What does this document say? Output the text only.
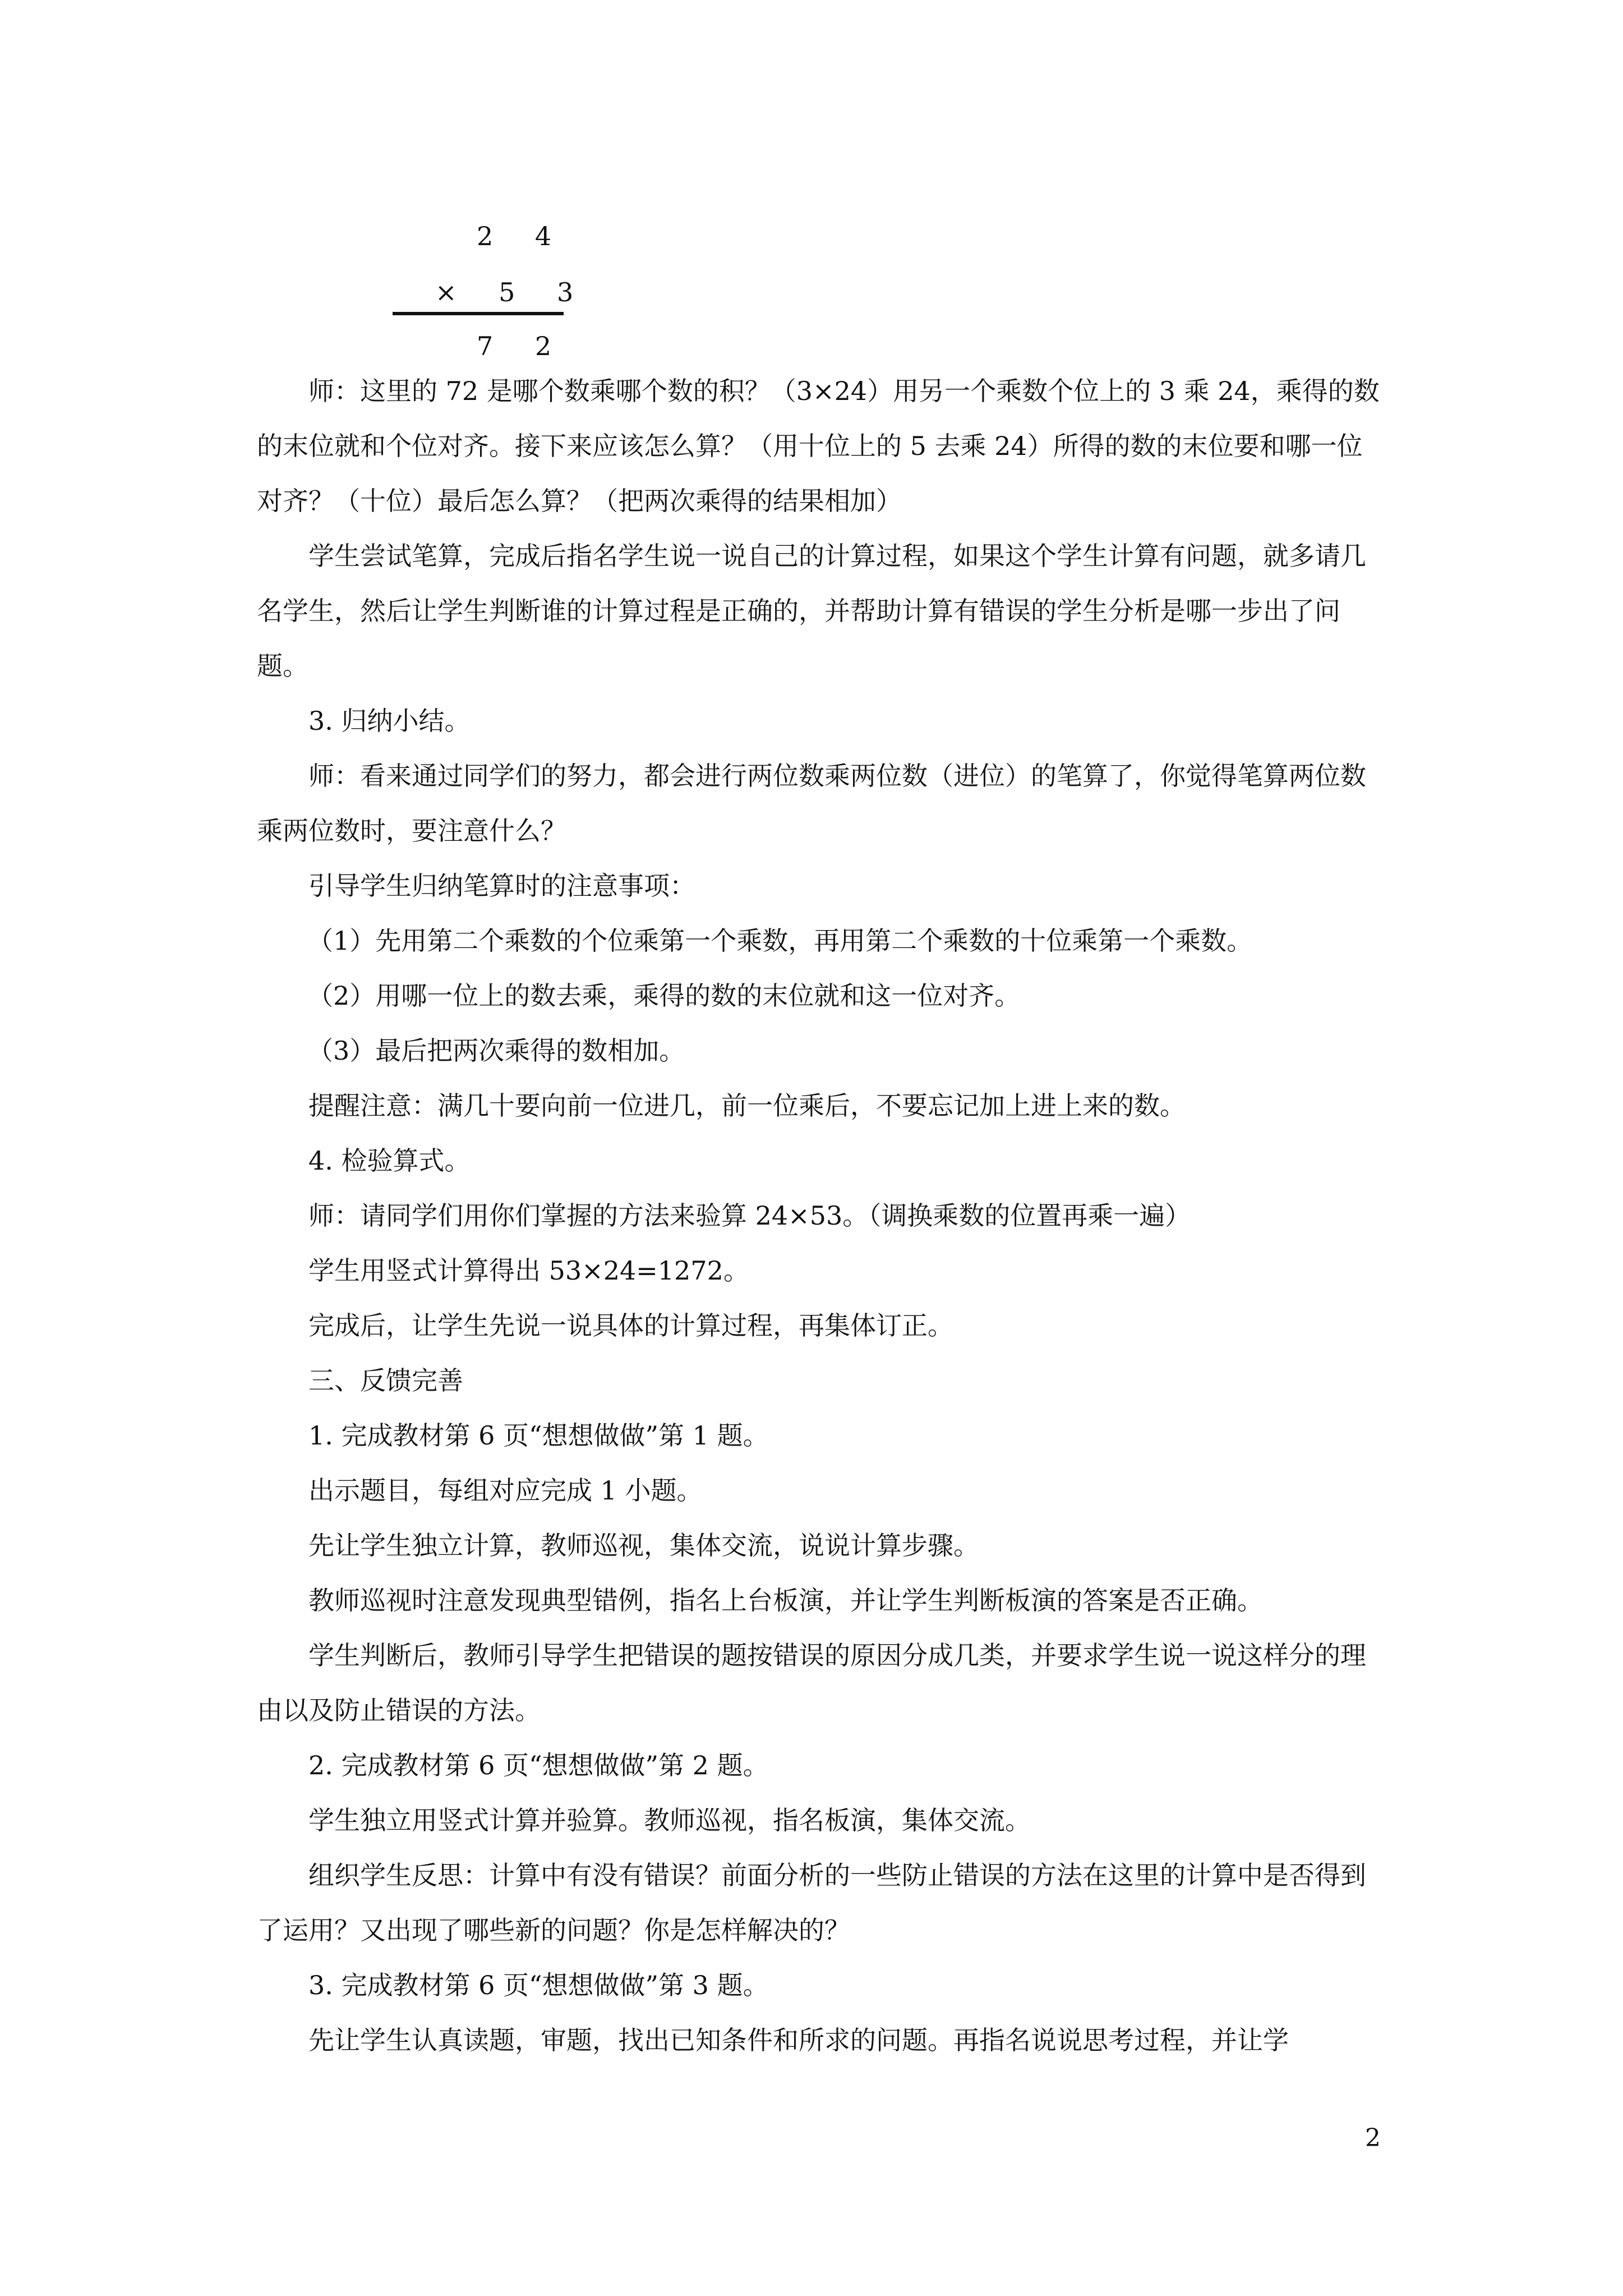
2 4
× 5 3
7 2

师：这里的 72 是哪个数乘哪个数的积？（3×24）用另一个乘数个位上的 3 乘 24，乘得的数的末位就和个位对齐。接下来应该怎么算？（用十位上的 5 去乘 24）所得的数的末位要和哪一位对齐？（十位）最后怎么算？（把两次乘得的结果相加）

学生尝试笔算，完成后指名学生说一说自己的计算过程，如果这个学生计算有问题，就多请几名学生，然后让学生判断谁的计算过程是正确的，并帮助计算有错误的学生分析是哪一步出了问题。

3. 归纳小结。

师：看来通过同学们的努力，都会进行两位数乘两位数（进位）的笔算了，你觉得笔算两位数乘两位数时，要注意什么？

引导学生归纳笔算时的注意事项：

（1）先用第二个乘数的个位乘第一个乘数，再用第二个乘数的十位乘第一个乘数。

（2）用哪一位上的数去乘，乘得的数的末位就和这一位对齐。

（3）最后把两次乘得的数相加。

提醒注意：满几十要向前一位进几，前一位乘后，不要忘记加上进上来的数。

4. 检验算式。

师：请同学们用你们掌握的方法来验算 24×53。（调换乘数的位置再乘一遍）

学生用竖式计算得出 53×24=1272。

完成后，让学生先说一说具体的计算过程，再集体订正。

三、反馈完善

1. 完成教材第 6 页“想想做做”第 1 题。

出示题目，每组对应完成 1 小题。

先让学生独立计算，教师巡视，集体交流，说说计算步骤。

教师巡视时注意发现典型错例，指名上台板演，并让学生判断板演的答案是否正确。

学生判断后，教师引导学生把错误的题按错误的原因分成几类，并要求学生说一说这样分的理由以及防止错误的方法。

2. 完成教材第 6 页“想想做做”第 2 题。

学生独立用竖式计算并验算。教师巡视，指名板演，集体交流。

组织学生反思：计算中有没有错误？前面分析的一些防止错误的方法在这里的计算中是否得到了运用？又出现了哪些新的问题？你是怎样解决的？

3. 完成教材第 6 页“想想做做”第 3 题。

先让学生认真读题，审题，找出已知条件和所求的问题。再指名说说思考过程，并让学

2
